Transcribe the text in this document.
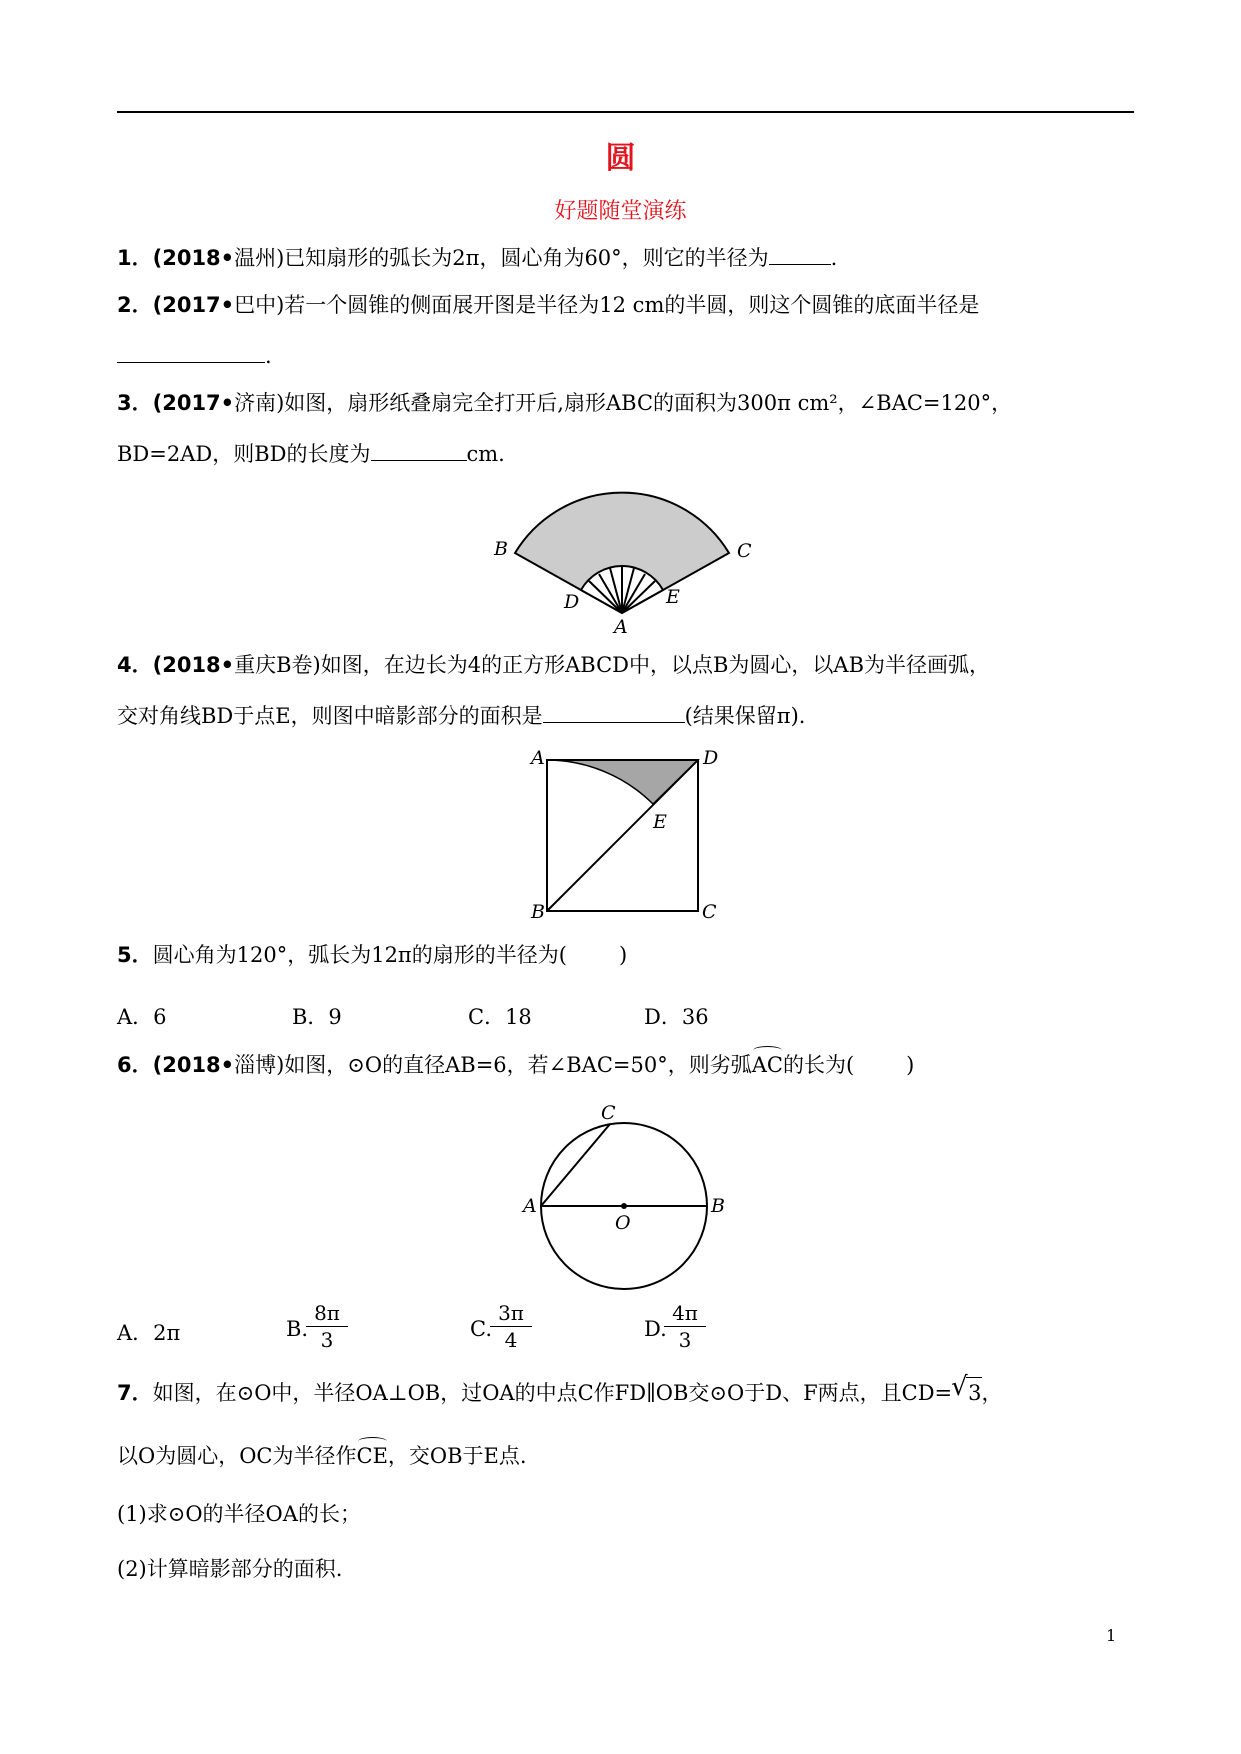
圆
好题随堂演练
1．(2018•温州)已知扇形的弧长为2π，圆心角为60°，则它的半径为	.
2．(2017•巴中)若一个圆锥的侧面展开图是半径为12 cm的半圆，则这个圆锥的底面半径是
.
3．(2017•济南)如图，扇形纸叠扇完全打开后,扇形ABC的面积为300π cm²，∠BAC=120°，
BD=2AD，则BD的长度为	cm.
B	C
D	E
A
4．(2018•重庆B卷)如图，在边长为4的正方形ABCD中，以点B为圆心，以AB为半径画弧，
交对角线BD于点E，则图中暗影部分的面积是	(结果保留π).
A	D
E
B	C
5．圆心角为120°，弧长为12π的扇形的半径为( )
A．6	B．9	C．18	D．36
6．(2018•淄博)如图，⊙O的直径AB=6，若∠BAC=50°，则劣弧AC的长为( )
C
A
O
B
A．2π	B.
$\frac{8\pi}{3}$	C.
$\frac{3\pi}{4}$	D.
$\frac{4\pi}{3}$
7．如图，在⊙O中，半径OA⊥OB，过OA的中点C作FD∥OB交⊙O于D、F两点，且CD=√ 3，
以O为圆心，OC为半径作CE，交OB于E点.
(1)求⊙O的半径OA的长；
(2)计算暗影部分的面积.
1
